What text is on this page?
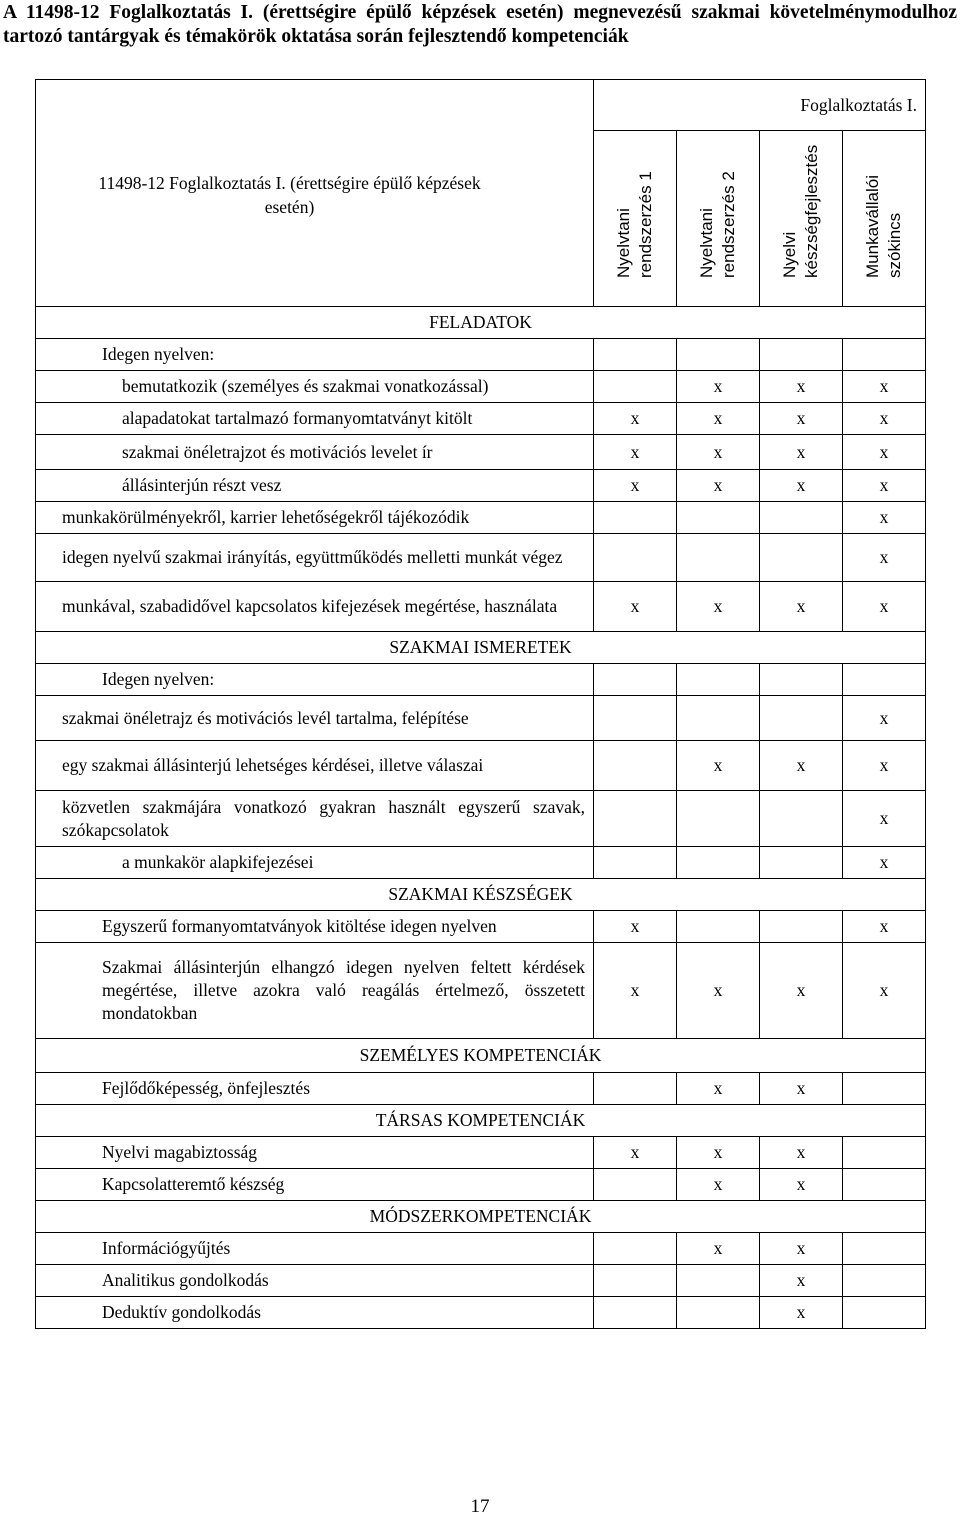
A 11498-12 Foglalkoztatás I. (érettségire épülő képzések esetén) megnevezésű szakmai követelménymodulhoz tartozó tantárgyak és témakörök oktatása során fejlesztendő kompetenciák
	Foglalkoztatás I.			

11498-12 Foglalkoztatás I. (érettségire épülő képzések esetén)	Nyelvtani rendszerzés 1	Nyelvtani rendszerzés 2	Nyelvi készségfejlesztés	Munkavállalói szókincs

FELADATOK				
Idegen nyelven:				
bemutatkozik (személyes és szakmai vonatkozással)		x	x	x
alapadatokat tartalmazó formanyomtatványt kitölt	x	x	x	x
szakmai önéletrajzot és motivációs levelet ír	x	x	x	x
állásinterjún részt vesz	x	x	x	x
munkakörülményekről, karrier lehetőségekről tájékozódik				x
idegen nyelvű szakmai irányítás, együttműködés melletti munkát végez				x
munkával, szabadidővel kapcsolatos kifejezések megértése, használata	x	x	x	x
SZAKMAI ISMERETEK				
Idegen nyelven:				
szakmai önéletrajz és motivációs levél tartalma, felépítése				x
egy szakmai állásinterjú lehetséges kérdései, illetve válaszai		x	x	x
közvetlen szakmájára vonatkozó gyakran használt egyszerű szavak, szókapcsolatok				x
a munkakör alapkifejezései				x
SZAKMAI KÉSZSÉGEK				
Egyszerű formanyomtatványok kitöltése idegen nyelven	x			x
Szakmai állásinterjún elhangzó idegen nyelven feltett kérdések megértése, illetve azokra való reagálás értelmező, összetett mondatokban	x	x	x	x
SZEMÉLYES KOMPETENCIÁK				
Fejlődőképesség, önfejlesztés		x	x	
TÁRSAS KOMPETENCIÁK				
Nyelvi magabiztosság	x	x	x	
Kapcsolatteremtő készség		x	x	
MÓDSZERKOMPETENCIÁK				
Információgyűjtés		x	x	
Analitikus gondolkodás			x	
Deduktív gondolkodás			x	
17
